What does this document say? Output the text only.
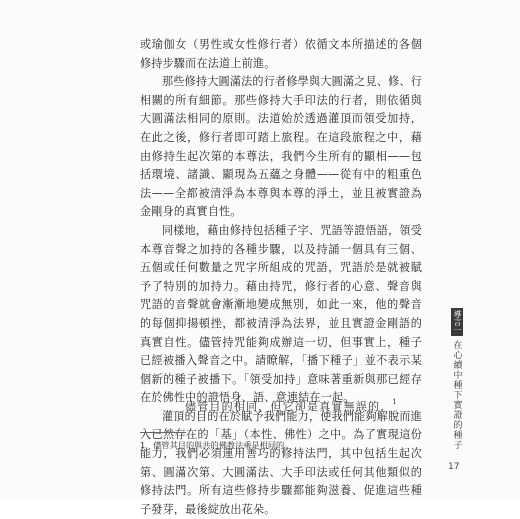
或瑜伽女（男性或女性修行者）依循文本所描述的各個修持步驟而在法道上前進。

那些修持大圓滿法的行者修學與大圓滿之見、修、行相關的所有細節。那些修持大手印法的行者，則依循與大圓滿法相同的原則。法道始於透過灌頂而領受加持，在此之後，修行者即可踏上旅程。在這段旅程之中，藉由修持生起次第的本尊法，我們今生所有的顯相——包括環境、諸識、顯現為五蘊之身體——從有中的粗重色法——全都被清淨為本尊與本尊的淨土，並且被實證為金剛身的真實自性。

同樣地，藉由修持包括種子字、咒語等證悟語，領受本尊音聲之加持的各種步驟，以及持誦一個具有三個、五個或任何數量之咒字所組成的咒語，咒語於是就被賦予了特別的加持力。藉由持咒，修行者的心意、聲音與咒語的音聲就會漸漸地變成無別，如此一來，他的聲音的每個抑揚頓挫，都被清淨為法界，並且實證金剛語的真實自性。儘管持咒能夠成辦這一切，但事實上，種子已經被播入聲音之中。請瞭解，「播下種子」並不表示某個新的種子被播下。「領受加持」意味著重新與那已經存在於佛性中的證悟身、語、意連結在一起。

灌頂的目的在於賦予我們能力，使我們能夠解脫而進入已然存在的「基」（本性、佛性）之中。為了實現這份能力，我們必須運用善巧的修持法門，其中包括生起次第、圓滿次第、大圓滿法、大手印法或任何其他類似的修持法門。所有這些修持步驟都能夠滋養、促進這些種子發芽，最後綻放出花朵。

儘管目的相同，但它卻是真實無誤的，$^1$
1 儘管其目的與共的佛教法乘是相同的。
導言一
在心續中種下實證的種子
17
